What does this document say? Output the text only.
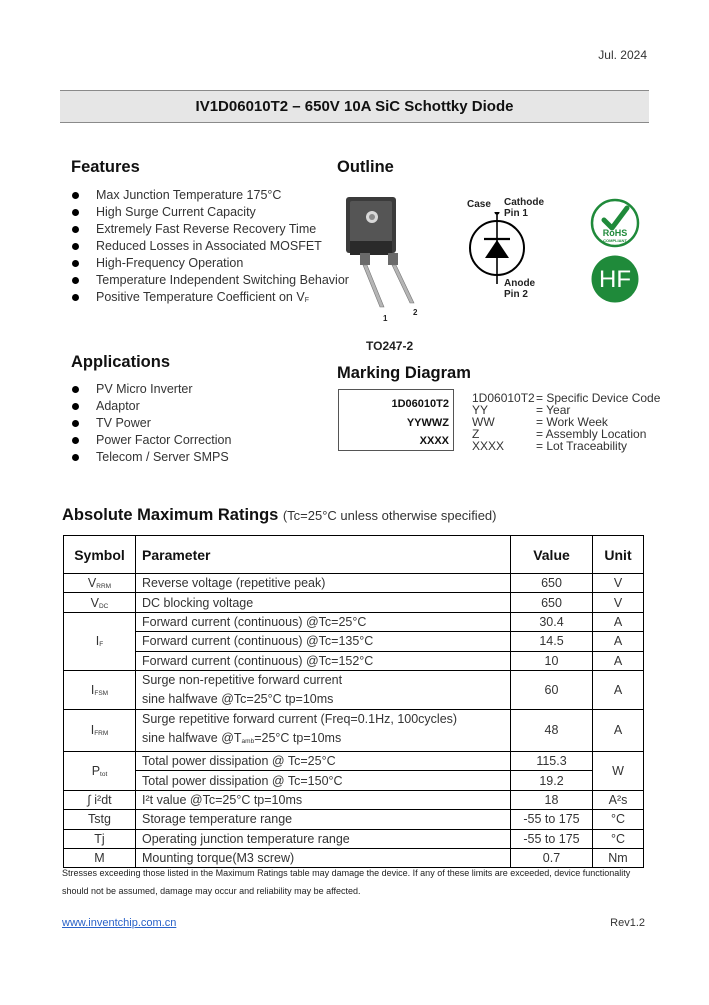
Jul. 2024
IV1D06010T2 – 650V 10A SiC Schottky Diode
Features
Max Junction Temperature 175°C
High Surge Current Capacity
Extremely Fast Reverse Recovery Time
Reduced Losses in Associated MOSFET
High-Frequency Operation
Temperature Independent Switching Behavior
Positive Temperature Coefficient on VF
Outline
1
2
TO247-2
Case Cathode
Pin 1
Anode
Pin 2
RoHS
COMPLIANT
HF
Applications
PV Micro Inverter
Adaptor
TV Power
Power Factor Correction
Telecom / Server SMPS
Marking Diagram
1D06010T2
YYWWZ
XXXX
1D06010T2 = Specific Device Code
YY	= Year
WW	= Work Week
Z	= Assembly Location
XXXX	= Lot Traceability
Absolute Maximum Ratings (Tc=25°C unless otherwise specified)
Symbol	Parameter	Value	Unit
VRRM	Reverse voltage (repetitive peak)	650	V
VDC	DC blocking voltage	650	V
IF	Forward current (continuous) @Tc=25°C	30.4	A
	Forward current (continuous) @Tc=135°C	14.5	A
	Forward current (continuous) @Tc=152°C	10	A
IFSM	Surge non-repetitive forward current
sine halfwave @Tc=25°C tp=10ms	60	A
IFRM	Surge repetitive forward current (Freq=0.1Hz, 100cycles)
sine halfwave @Tamb=25°C tp=10ms	48	A
Ptot	Total power dissipation @ Tc=25°C	115.3	W
	Total power dissipation @ Tc=150°C	19.2	
∫ i²dt	I²t value @Tc=25°C tp=10ms	18	A²s
Tstg	Storage temperature range	-55 to 175	°C
Tj	Operating junction temperature range	-55 to 175	°C
M	Mounting torque(M3 screw)	0.7	Nm
Stresses exceeding those listed in the Maximum Ratings table may damage the device. If any of these limits are exceeded, device functionality should not be assumed, damage may occur and reliability may be affected.
www.inventchip.com.cn	Rev1.2
